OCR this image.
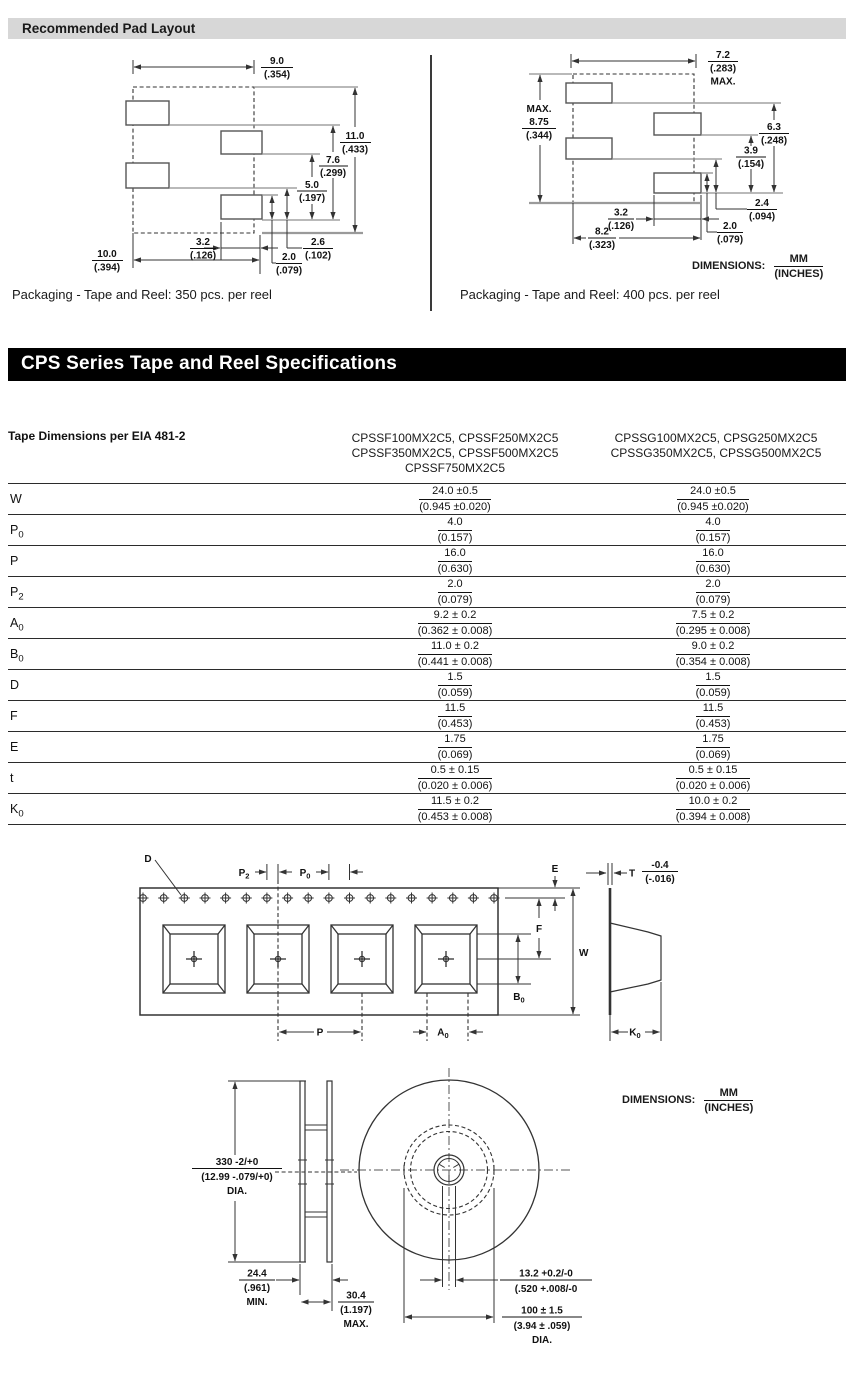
Recommended Pad Layout
9.0
(.354)
11.0
(.433)
7.6
(.299)
5.0
(.197)
2.6
(.102)
2.0
(.079)
3.2
(.126)
10.0
(.394)
7.2
(.283)
MAX.
MAX.
8.75
(.344)
6.3
(.248)
3.9
(.154)
2.4
(.094)
2.0
(.079)
3.2
(.126)
8.2
(.323)
DIMENSIONS: $\frac{MM}{\text{(INCHES)}}$
Packaging - Tape and Reel: 350 pcs. per reel	Packaging - Tape and Reel: 400 pcs. per reel
CPS Series Tape and Reel Specifications
Tape Dimensions per EIA 481-2	CPSSF100MX2C5, CPSSF250MX2C5
CPSSF350MX2C5, CPSSF500MX2C5
CPSSF750MX2C5
CPSSG100MX2C5, CPSG250MX2C5
CPSSG350MX2C5, CPSSG500MX2C5
W	$\frac{24.0 \pm 0.5}{(0.945 \pm 0.020)}$	$\frac{24.0 \pm 0.5}{(0.945 \pm 0.020)}$
$P_0$	$\frac{4.0}{(0.157)}$	$\frac{4.0}{(0.157)}$
P	$\frac{16.0}{(0.630)}$	$\frac{16.0}{(0.630)}$
$P_2$	$\frac{2.0}{(0.079)}$	$\frac{2.0}{(0.079)}$
$A_0$	$\frac{9.2 \pm 0.2}{(0.362 \pm 0.008)}$	$\frac{7.5 \pm 0.2}{(0.295 \pm 0.008)}$
$B_0$	$\frac{11.0 \pm 0.2}{(0.441 \pm 0.008)}$	$\frac{9.0 \pm 0.2}{(0.354 \pm 0.008)}$
D	$\frac{1.5}{(0.059)}$	$\frac{1.5}{(0.059)}$
F	$\frac{11.5}{(0.453)}$	$\frac{11.5}{(0.453)}$
E	$\frac{1.75}{(0.069)}$	$\frac{1.75}{(0.069)}$
t	$\frac{0.5 \pm 0.15}{(0.020 \pm 0.006)}$	$\frac{0.5 \pm 0.15}{(0.020 \pm 0.006)}$
$K_0$	$\frac{11.5 \pm 0.2}{(0.453 \pm 0.008)}$	$\frac{10.0 \pm 0.2}{(0.394 \pm 0.008)}$
D
$P_2$	$P_0$
E
F
W
$B_0$
P	$A_0$
T
-0.4
(-.016)
$K_0$
330 -2/+0
(12.99 -.079/+0)
DIA.
24.4
(.961)
MIN.
30.4
(1.197)
MAX.
13.2 +0.2/-0
(.520 +.008/-0
100 ± 1.5
(3.94 ± .059)
DIA.
DIMENSIONS: $\frac{MM}{\text{(INCHES)}}$
